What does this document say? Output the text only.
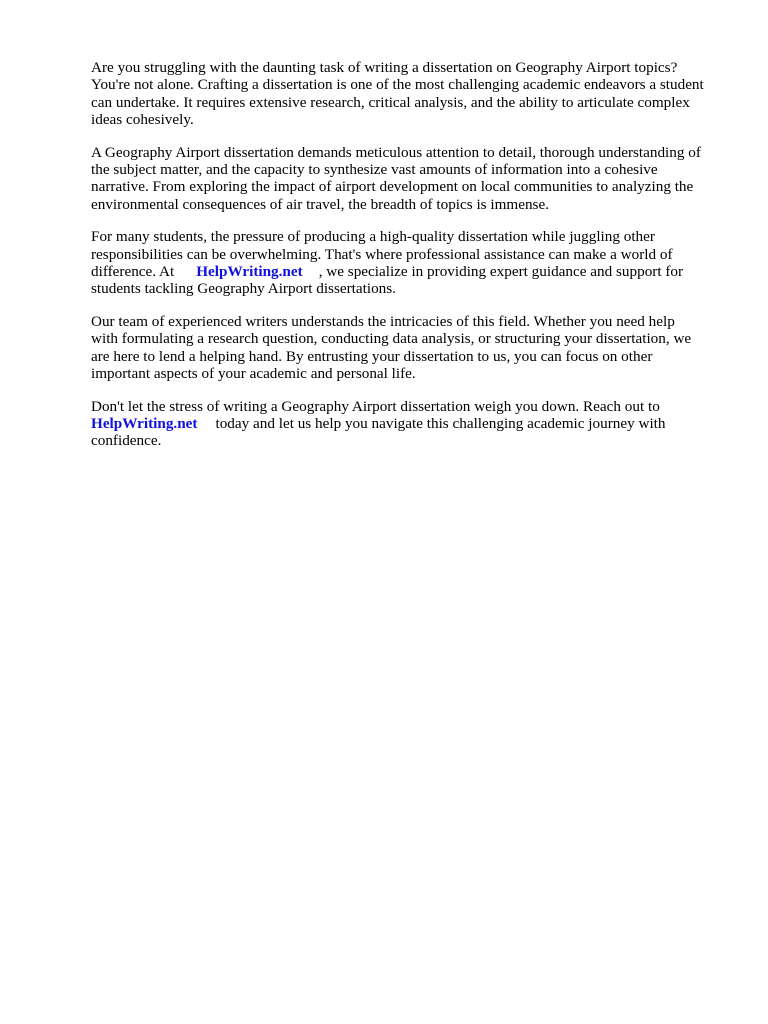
Are you struggling with the daunting task of writing a dissertation on Geography Airport topics?
You're not alone. Crafting a dissertation is one of the most challenging academic endeavors a student
can undertake. It requires extensive research, critical analysis, and the ability to articulate complex
ideas cohesively.

A Geography Airport dissertation demands meticulous attention to detail, thorough understanding of
the subject matter, and the capacity to synthesize vast amounts of information into a cohesive
narrative. From exploring the impact of airport development on local communities to analyzing the
environmental consequences of air travel, the breadth of topics is immense.

For many students, the pressure of producing a high-quality dissertation while juggling other
responsibilities can be overwhelming. That's where professional assistance can make a world of
difference. At HelpWriting.net , we specialize in providing expert guidance and support for
students tackling Geography Airport dissertations.

Our team of experienced writers understands the intricacies of this field. Whether you need help
with formulating a research question, conducting data analysis, or structuring your dissertation, we
are here to lend a helping hand. By entrusting your dissertation to us, you can focus on other
important aspects of your academic and personal life.

Don't let the stress of writing a Geography Airport dissertation weigh you down. Reach out to
HelpWriting.net today and let us help you navigate this challenging academic journey with
confidence.
